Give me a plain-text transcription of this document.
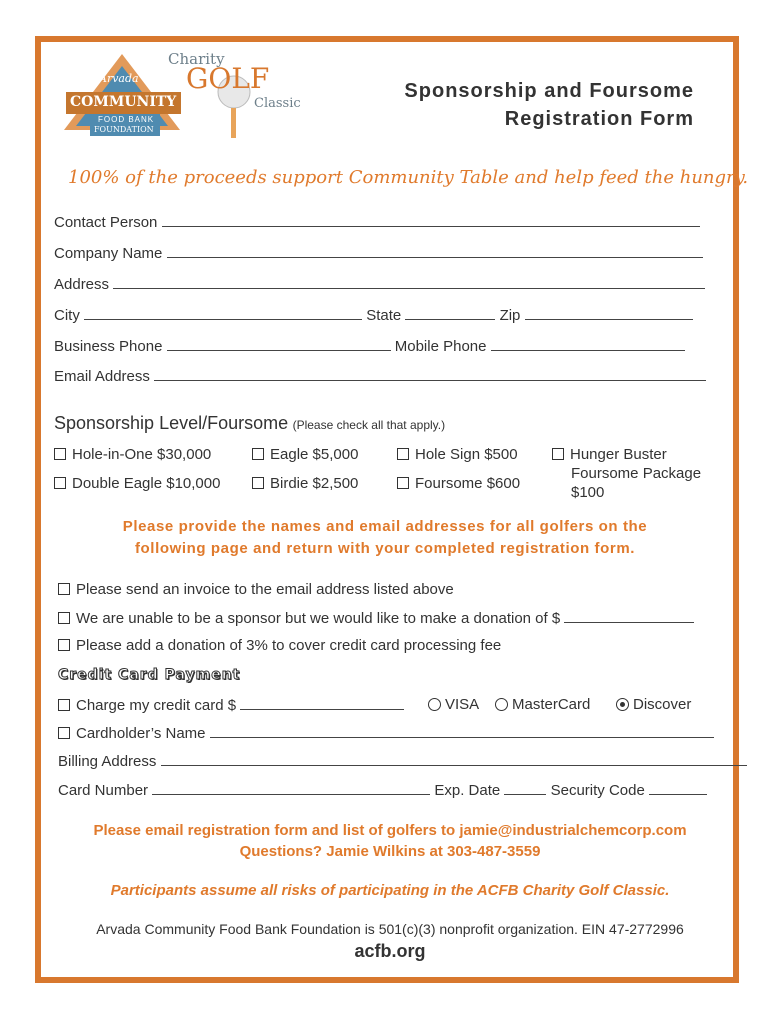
Arvada
COMMUNITY
FOOD BANK
FOUNDATION
Charity
GOLF
Classic
Sponsorship and Foursome
Registration Form
100% of the proceeds support Community Table and help feed the hungry.
Contact Person
Company Name
Address
City	State	Zip
Business Phone	Mobile Phone
Email Address
Sponsorship Level/Foursome (Please check all that apply.)
Hole-in-One $30,000	Eagle $5,000	Hole Sign $500	Hunger Buster
Foursome Package
$100
Double Eagle $10,000	Birdie $2,500	Foursome $600
Please provide the names and email addresses for all golfers on the
following page and return with your completed registration form.
Please send an invoice to the email address listed above
We are unable to be a sponsor but we would like to make a donation of $
Please add a donation of 3% to cover credit card processing fee
Credit Card Payment
Charge my credit card $	VISA	MasterCard	Discover
Cardholder’s Name
Billing Address
Card Number	Exp. Date	Security Code
Please email registration form and list of golfers to jamie@industrialchemcorp.com
Questions? Jamie Wilkins at 303-487-3559
Participants assume all risks of participating in the ACFB Charity Golf Classic.
Arvada Community Food Bank Foundation is 501(c)(3) nonprofit organization. EIN 47-2772996
acfb.org
